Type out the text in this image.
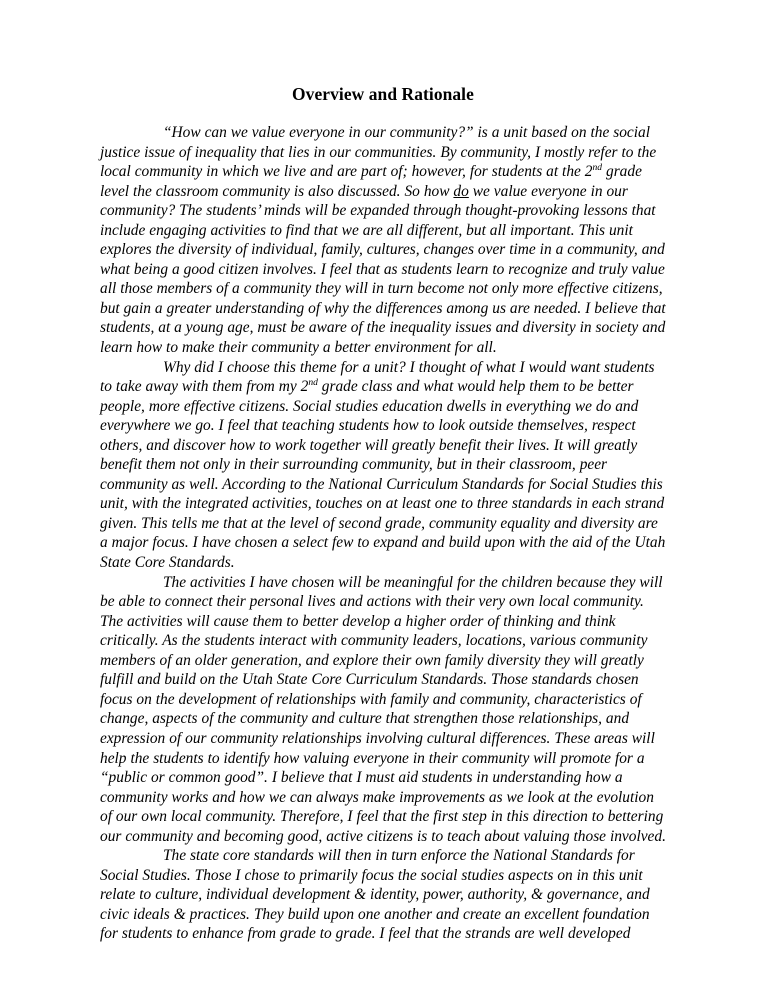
Overview and Rationale

“How can we value everyone in our community?” is a unit based on the social justice issue of inequality that lies in our communities. By community, I mostly refer to the local community in which we live and are part of; however, for students at the 2nd grade level the classroom community is also discussed. So how do we value everyone in our community? The students’ minds will be expanded through thought-provoking lessons that include engaging activities to find that we are all different, but all important. This unit explores the diversity of individual, family, cultures, changes over time in a community, and what being a good citizen involves. I feel that as students learn to recognize and truly value all those members of a community they will in turn become not only more effective citizens, but gain a greater understanding of why the differences among us are needed. I believe that students, at a young age, must be aware of the inequality issues and diversity in society and learn how to make their community a better environment for all.

Why did I choose this theme for a unit? I thought of what I would want students to take away with them from my 2nd grade class and what would help them to be better people, more effective citizens. Social studies education dwells in everything we do and everywhere we go. I feel that teaching students how to look outside themselves, respect others, and discover how to work together will greatly benefit their lives. It will greatly benefit them not only in their surrounding community, but in their classroom, peer community as well. According to the National Curriculum Standards for Social Studies this unit, with the integrated activities, touches on at least one to three standards in each strand given. This tells me that at the level of second grade, community equality and diversity are a major focus. I have chosen a select few to expand and build upon with the aid of the Utah State Core Standards.

The activities I have chosen will be meaningful for the children because they will be able to connect their personal lives and actions with their very own local community. The activities will cause them to better develop a higher order of thinking and think critically. As the students interact with community leaders, locations, various community members of an older generation, and explore their own family diversity they will greatly fulfill and build on the Utah State Core Curriculum Standards. Those standards chosen focus on the development of relationships with family and community, characteristics of change, aspects of the community and culture that strengthen those relationships, and expression of our community relationships involving cultural differences. These areas will help the students to identify how valuing everyone in their community will promote for a “public or common good”. I believe that I must aid students in understanding how a community works and how we can always make improvements as we look at the evolution of our own local community. Therefore, I feel that the first step in this direction to bettering our community and becoming good, active citizens is to teach about valuing those involved.

The state core standards will then in turn enforce the National Standards for Social Studies. Those I chose to primarily focus the social studies aspects on in this unit relate to culture, individual development & identity, power, authority, & governance, and civic ideals & practices. They build upon one another and create an excellent foundation for students to enhance from grade to grade. I feel that the strands are well developed
